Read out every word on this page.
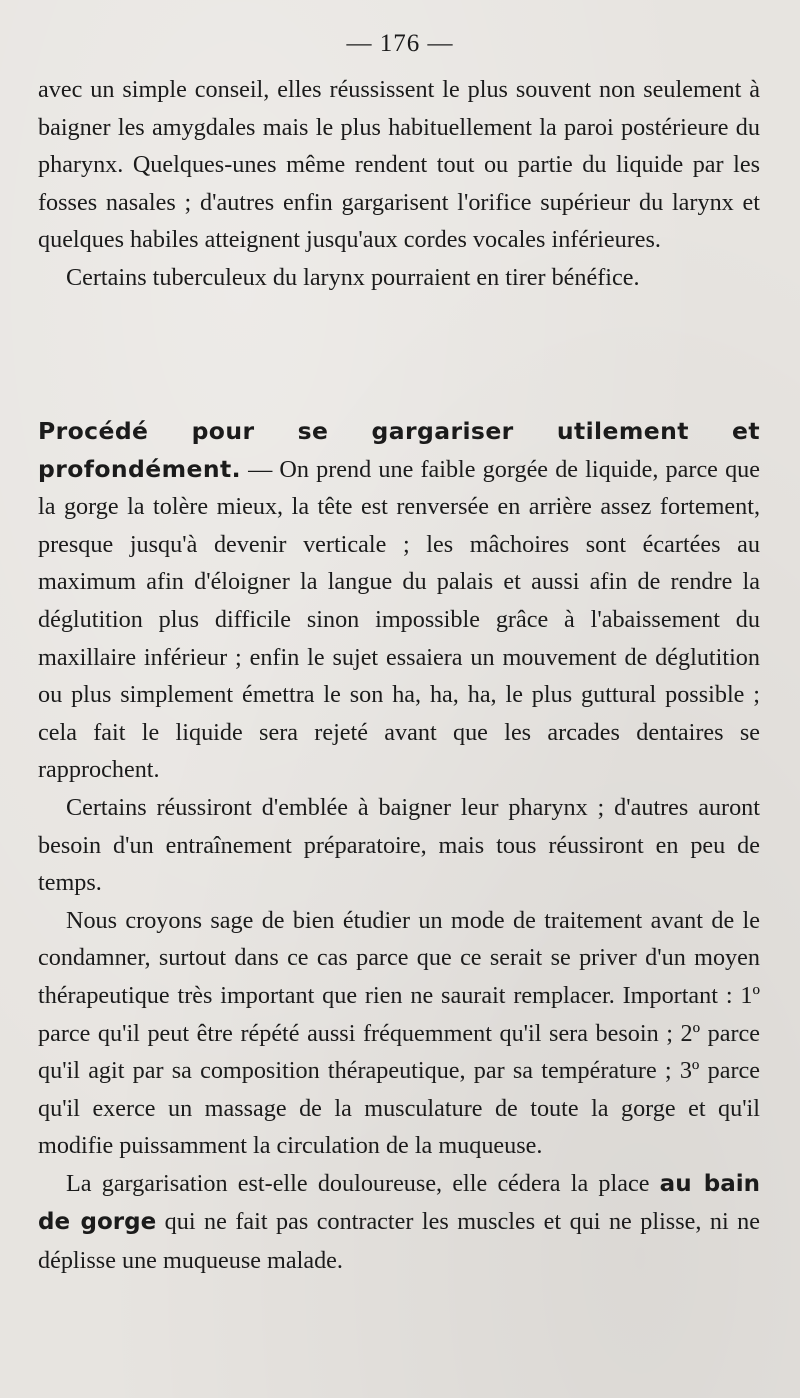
— 176 —

avec un simple conseil, elles réussissent le plus souvent non seulement à baigner les amygdales mais le plus habituellement la paroi postérieure du pharynx. Quelques-unes même rendent tout ou partie du liquide par les fosses nasales ; d'autres enfin gargarisent l'orifice supérieur du larynx et quelques habiles atteignent jusqu'aux cordes vocales inférieures.

Certains tuberculeux du larynx pourraient en tirer bénéfice.

Procédé pour se gargariser utilement et profondément. — On prend une faible gorgée de liquide, parce que la gorge la tolère mieux, la tête est renversée en arrière assez fortement, presque jusqu'à devenir verticale ; les mâchoires sont écartées au maximum afin d'éloigner la langue du palais et aussi afin de rendre la déglutition plus difficile sinon impossible grâce à l'abaissement du maxillaire inférieur ; enfin le sujet essaiera un mouvement de déglutition ou plus simplement émettra le son ha, ha, ha, le plus guttural possible ; cela fait le liquide sera rejeté avant que les arcades dentaires se rapprochent.

Certains réussiront d'emblée à baigner leur pharynx ; d'autres auront besoin d'un entraînement préparatoire, mais tous réussiront en peu de temps.

Nous croyons sage de bien étudier un mode de traitement avant de le condamner, surtout dans ce cas parce que ce serait se priver d'un moyen thérapeutique très important que rien ne saurait remplacer. Important : 1º parce qu'il peut être répété aussi fréquemment qu'il sera besoin ; 2º parce qu'il agit par sa composition thérapeutique, par sa température ; 3º parce qu'il exerce un massage de la musculature de toute la gorge et qu'il modifie puissamment la circulation de la muqueuse.

La gargarisation est-elle douloureuse, elle cédera la place au bain de gorge qui ne fait pas contracter les muscles et qui ne plisse, ni ne déplisse une muqueuse malade.
